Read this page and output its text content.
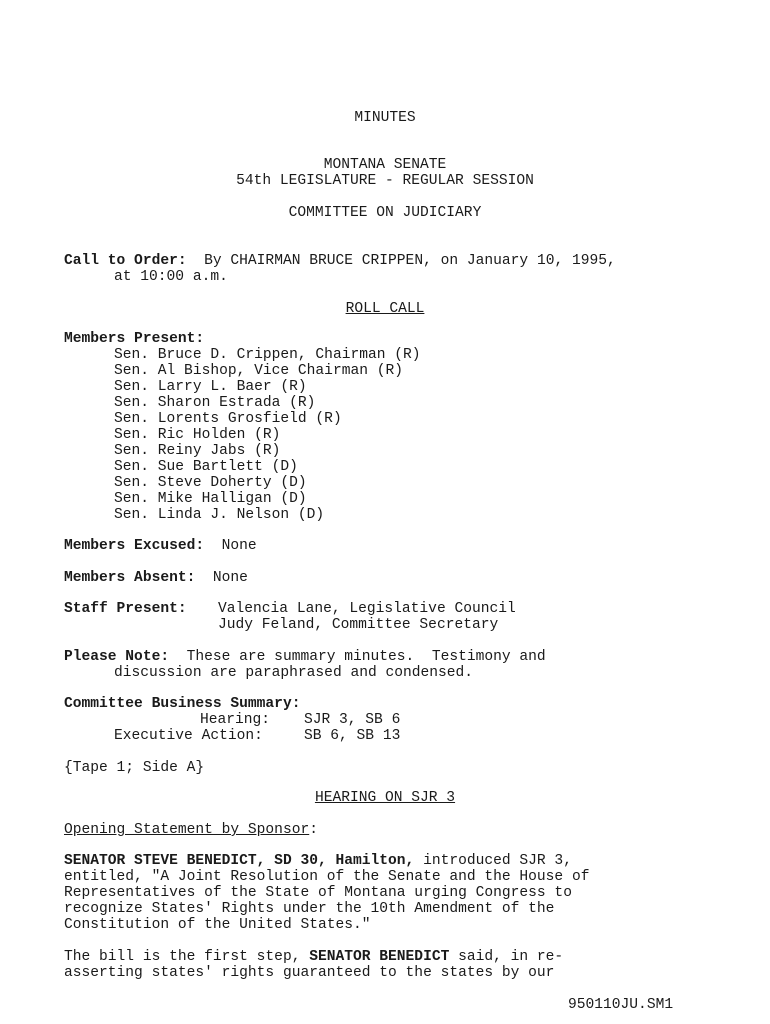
MINUTES
MONTANA SENATE
54th LEGISLATURE - REGULAR SESSION
COMMITTEE ON JUDICIARY
Call to Order: By CHAIRMAN BRUCE CRIPPEN, on January 10, 1995,
at 10:00 a.m.
ROLL CALL
Members Present:
Sen. Bruce D. Crippen, Chairman (R)
Sen. Al Bishop, Vice Chairman (R)
Sen. Larry L. Baer (R)
Sen. Sharon Estrada (R)
Sen. Lorents Grosfield (R)
Sen. Ric Holden (R)
Sen. Reiny Jabs (R)
Sen. Sue Bartlett (D)
Sen. Steve Doherty (D)
Sen. Mike Halligan (D)
Sen. Linda J. Nelson (D)
Members Excused: None
Members Absent: None
Staff Present: Valencia Lane, Legislative Council
Judy Feland, Committee Secretary
Please Note: These are summary minutes.  Testimony and
discussion are paraphrased and condensed.
Committee Business Summary:
Hearing: SJR 3, SB 6
Executive Action:	SB 6, SB 13
{Tape 1; Side A}
HEARING ON SJR 3
Opening Statement by Sponsor:
SENATOR STEVE BENEDICT, SD 30, Hamilton, introduced SJR 3,
entitled, "A Joint Resolution of the Senate and the House of
Representatives of the State of Montana urging Congress to
recognize States' Rights under the 10th Amendment of the
Constitution of the United States."
The bill is the first step, SENATOR BENEDICT said, in re-
asserting states' rights guaranteed to the states by our
950110JU.SM1
